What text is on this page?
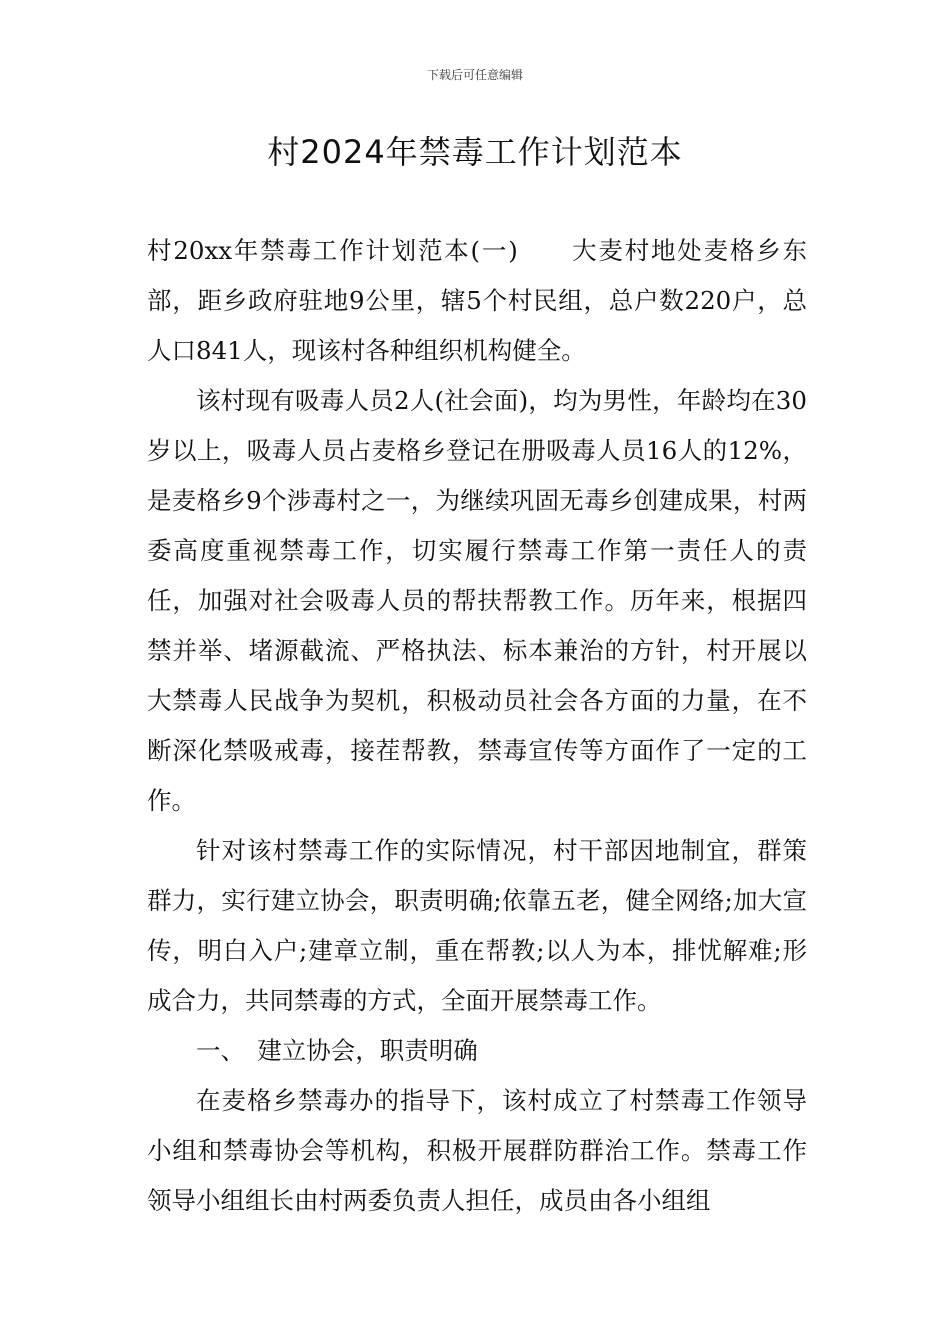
下载后可任意编辑
村2024年禁毒工作计划范本

村20xx年禁毒工作计划范本(一)　　大麦村地处麦格乡东部，距乡政府驻地9公里，辖5个村民组，总户数220户，总人口841人，现该村各种组织机构健全。

该村现有吸毒人员2人(社会面)，均为男性，年龄均在30岁以上，吸毒人员占麦格乡登记在册吸毒人员16人的12%，是麦格乡9个涉毒村之一，为继续巩固无毒乡创建成果，村两委高度重视禁毒工作，切实履行禁毒工作第一责任人的责任，加强对社会吸毒人员的帮扶帮教工作。历年来，根据四禁并举、堵源截流、严格执法、标本兼治的方针，村开展以大禁毒人民战争为契机，积极动员社会各方面的力量，在不断深化禁吸戒毒，接茬帮教，禁毒宣传等方面作了一定的工作。

针对该村禁毒工作的实际情况，村干部因地制宜，群策群力，实行建立协会，职责明确;依靠五老，健全网络;加大宣传，明白入户;建章立制，重在帮教;以人为本，排忧解难;形成合力，共同禁毒的方式，全面开展禁毒工作。

一、　建立协会，职责明确

在麦格乡禁毒办的指导下，该村成立了村禁毒工作领导小组和禁毒协会等机构，积极开展群防群治工作。禁毒工作领导小组组长由村两委负责人担任，成员由各小组组
